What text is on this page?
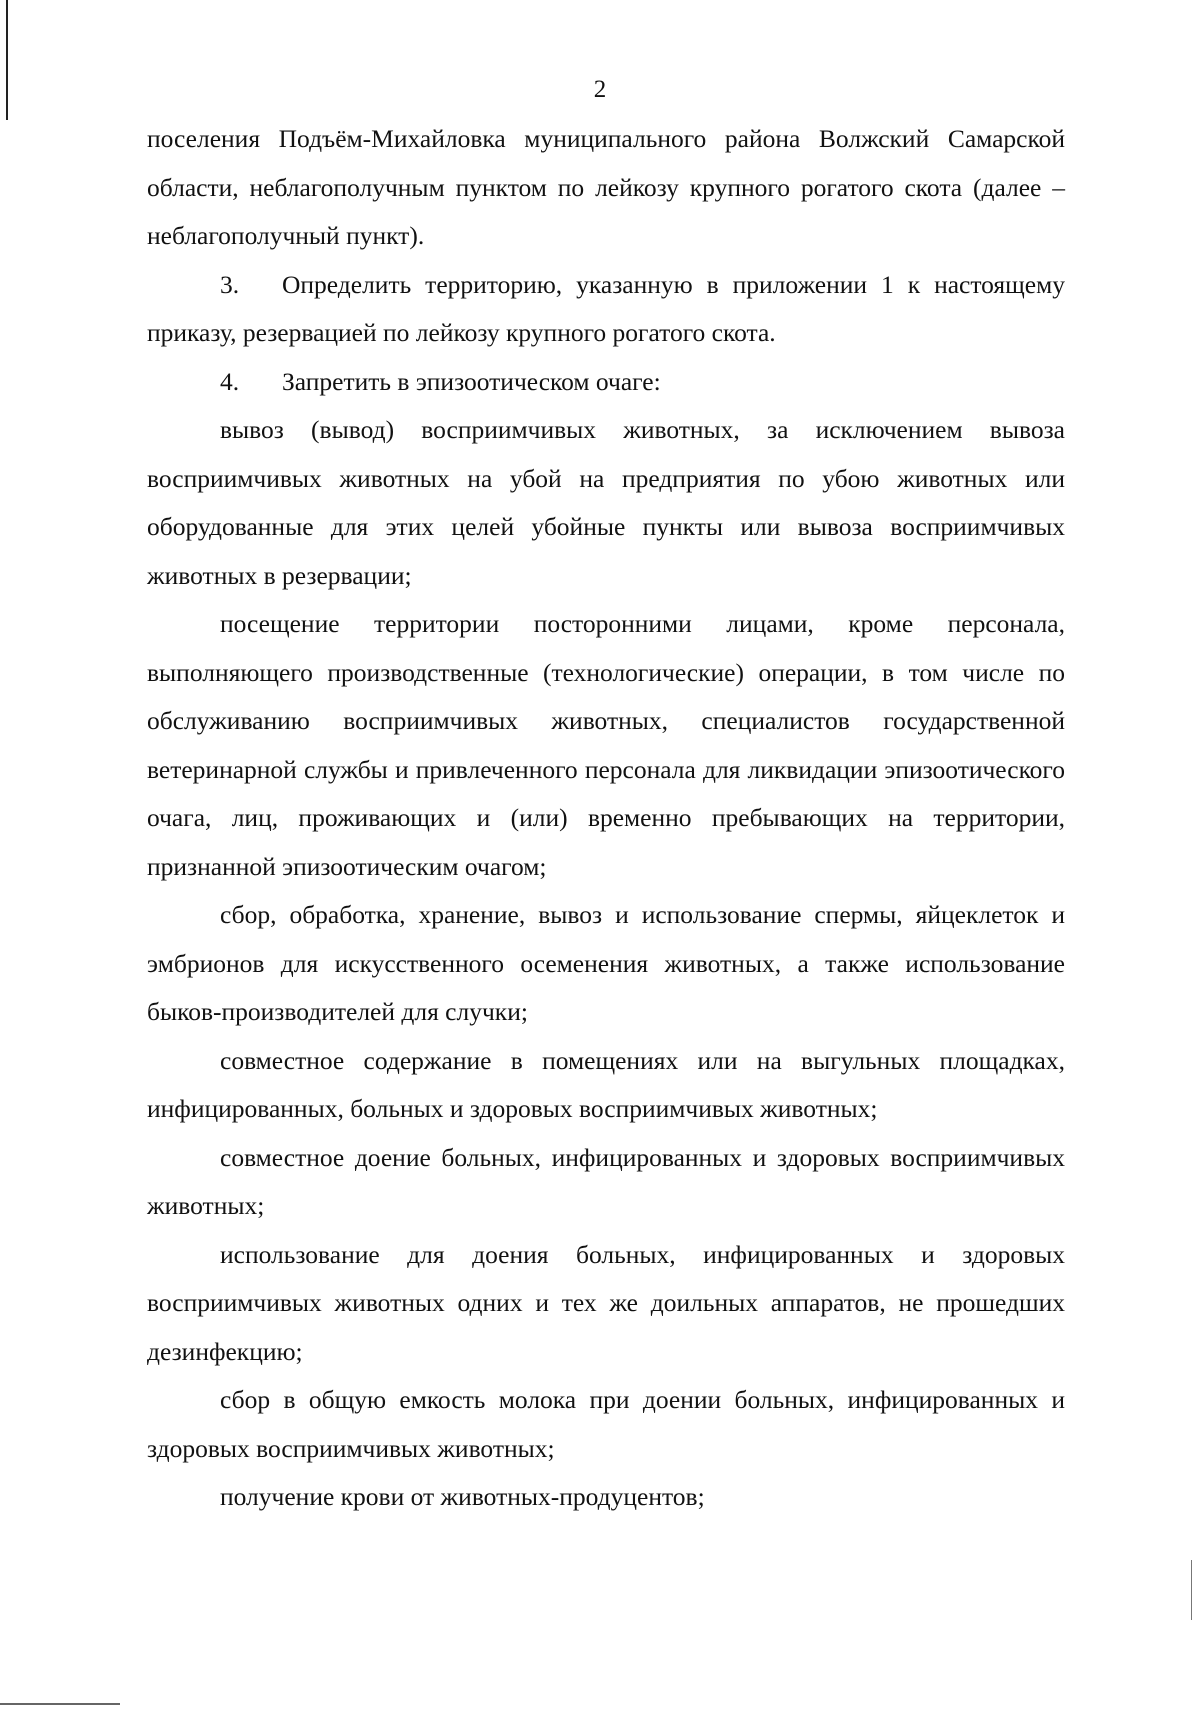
2

поселения Подъём-Михайловка муниципального района Волжский Самарской области, неблагополучным пунктом по лейкозу крупного рогатого скота (далее – неблагополучный пункт).

3. Определить территорию, указанную в приложении 1 к настоящему приказу, резервацией по лейкозу крупного рогатого скота.

4. Запретить в эпизоотическом очаге:

вывоз (вывод) восприимчивых животных, за исключением вывоза восприимчивых животных на убой на предприятия по убою животных или оборудованные для этих целей убойные пункты или вывоза восприимчивых животных в резервации;

посещение территории посторонними лицами, кроме персонала, выполняющего производственные (технологические) операции, в том числе по обслуживанию восприимчивых животных, специалистов государственной ветеринарной службы и привлеченного персонала для ликвидации эпизоотического очага, лиц, проживающих и (или) временно пребывающих на территории, признанной эпизоотическим очагом;

сбор, обработка, хранение, вывоз и использование спермы, яйцеклеток и эмбрионов для искусственного осеменения животных, а также использование быков-производителей для случки;

совместное содержание в помещениях или на выгульных площадках, инфицированных, больных и здоровых восприимчивых животных;

совместное доение больных, инфицированных и здоровых восприимчивых животных;

использование для доения больных, инфицированных и здоровых восприимчивых животных одних и тех же доильных аппаратов, не прошедших дезинфекцию;

сбор в общую емкость молока при доении больных, инфицированных и здоровых восприимчивых животных;

получение крови от животных-продуцентов;
